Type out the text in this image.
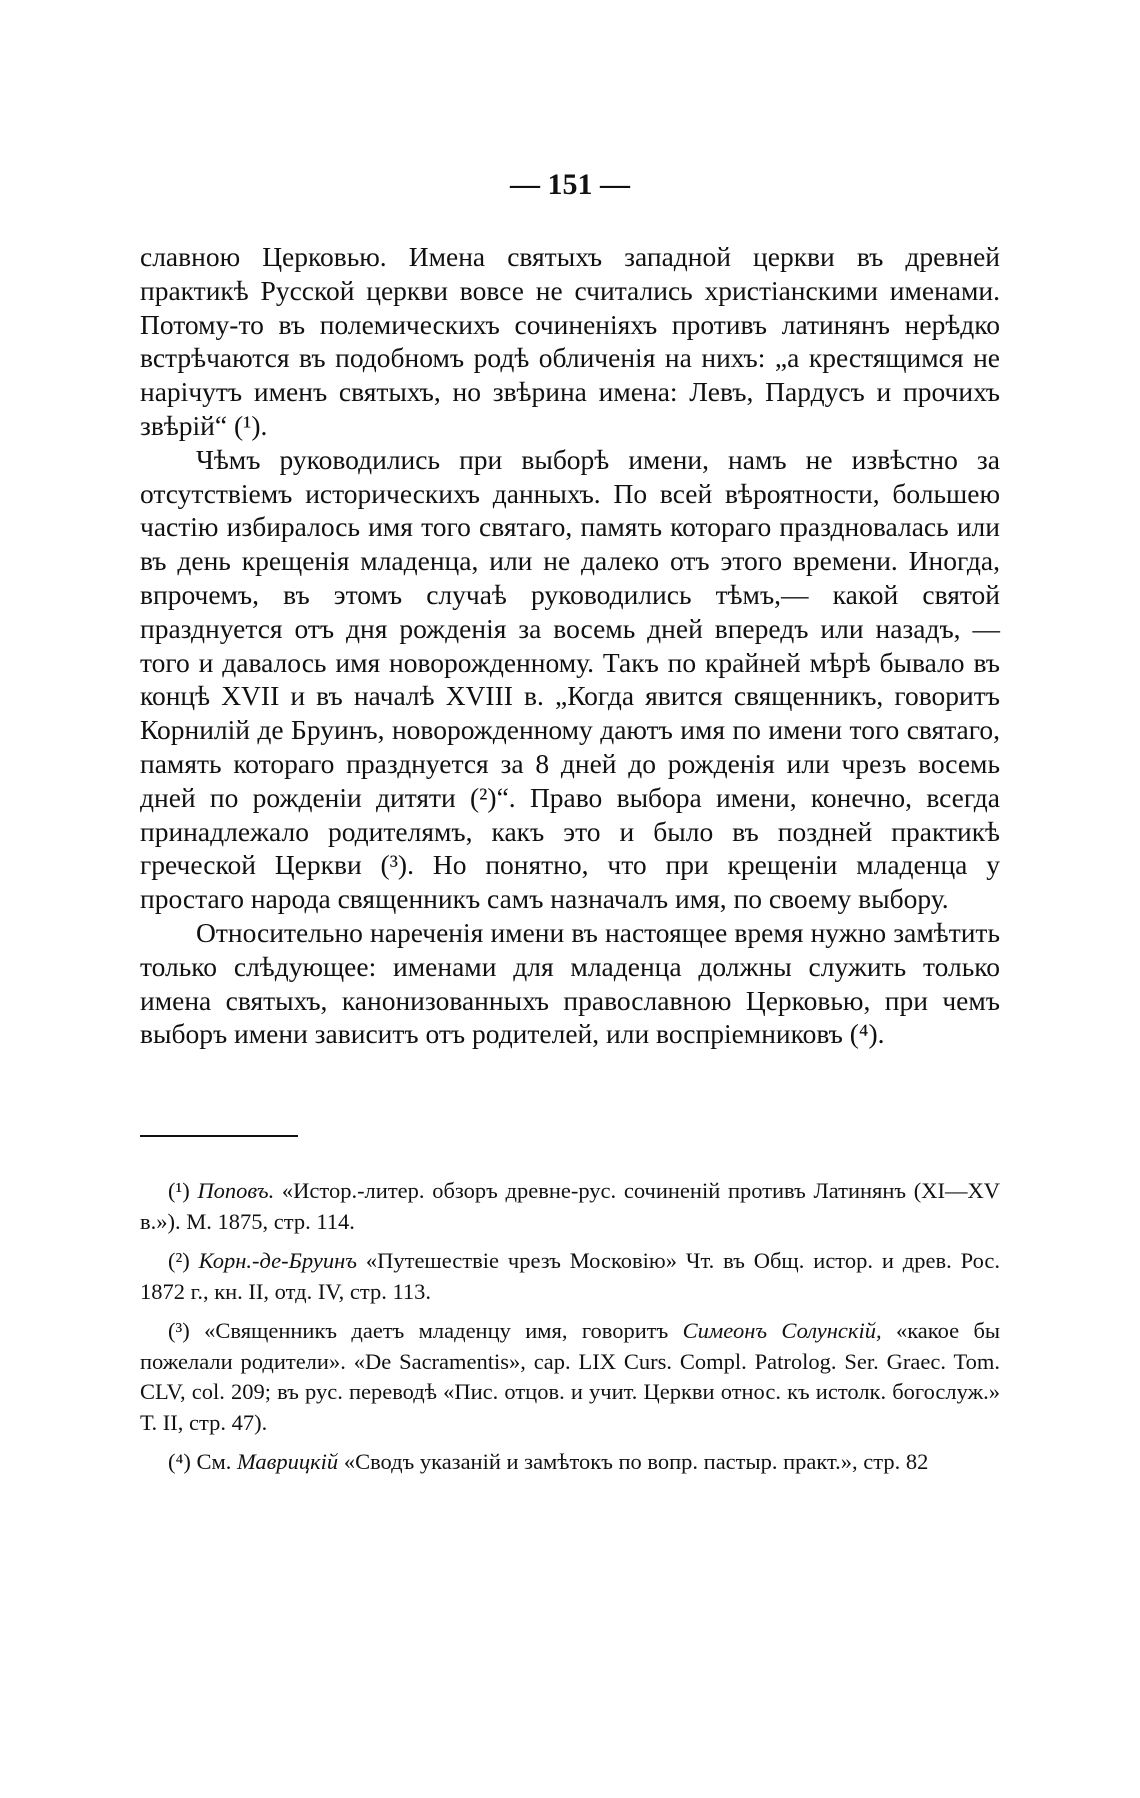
— 151 —

славною Церковью. Имена святыхъ западной церкви въ древней практикѣ Русской церкви вовсе не считались христіанскими именами. Потому-то въ полемическихъ сочиненіяхъ противъ латинянъ нерѣдко встрѣчаются въ подобномъ родѣ обличенія на нихъ: „а крестящимся не нарічутъ именъ святыхъ, но звѣрина имена: Левъ, Пардусъ и прочихъ звѣрій“ (¹).

Чѣмъ руководились при выборѣ имени, намъ не извѣстно за отсутствіемъ историческихъ данныхъ. По всей вѣроятности, большею частію избиралось имя того святаго, память котораго праздновалась или въ день крещенія младенца, или не далеко отъ этого времени. Иногда, впрочемъ, въ этомъ случаѣ руководились тѣмъ,— какой святой празднуется отъ дня рожденія за восемь дней впередъ или назадъ, — того и давалось имя новорожденному. Такъ по крайней мѣрѣ бывало въ концѣ XVII и въ началѣ XVIII в. „Когда явится священникъ, говоритъ Корнилій де Бруинъ, новорожденному даютъ имя по имени того святаго, память котораго празднуется за 8 дней до рожденія или чрезъ восемь дней по рожденіи дитяти (²)“. Право выбора имени, конечно, всегда принадлежало родителямъ, какъ это и было въ поздней практикѣ греческой Церкви (³). Но понятно, что при крещеніи младенца у простаго народа священникъ самъ назначалъ имя, по своему выбору.

Относительно нареченія имени въ настоящее время нужно замѣтить только слѣдующее: именами для младенца должны служить только имена святыхъ, канонизованныхъ православною Церковью, при чемъ выборъ имени зависитъ отъ родителей, или воспріемниковъ (⁴).

(¹) Поповъ. «Истор.-литер. обзоръ древне-рус. сочиненій противъ Латинянъ (XI—XV в.»). М. 1875, стр. 114.

(²) Корн.-де-Бруинъ «Путешествіе чрезъ Московію» Чт. въ Общ. истор. и древ. Рос. 1872 г., кн. II, отд. IV, стр. 113.

(³) «Священникъ даетъ младенцу имя, говоритъ Симеонъ Солунскій, «какое бы пожелали родители». «De Sacramentis», cap. LIX Curs. Compl. Patrolog. Ser. Graec. Tom. CLV, col. 209; въ рус. переводѣ «Пис. отцов. и учит. Церкви относ. къ истолк. богослуж.» Т. II, стр. 47).

(⁴) См. Маврицкій «Сводъ указаній и замѣтокъ по вопр. пастыр. практ.», стр. 82
